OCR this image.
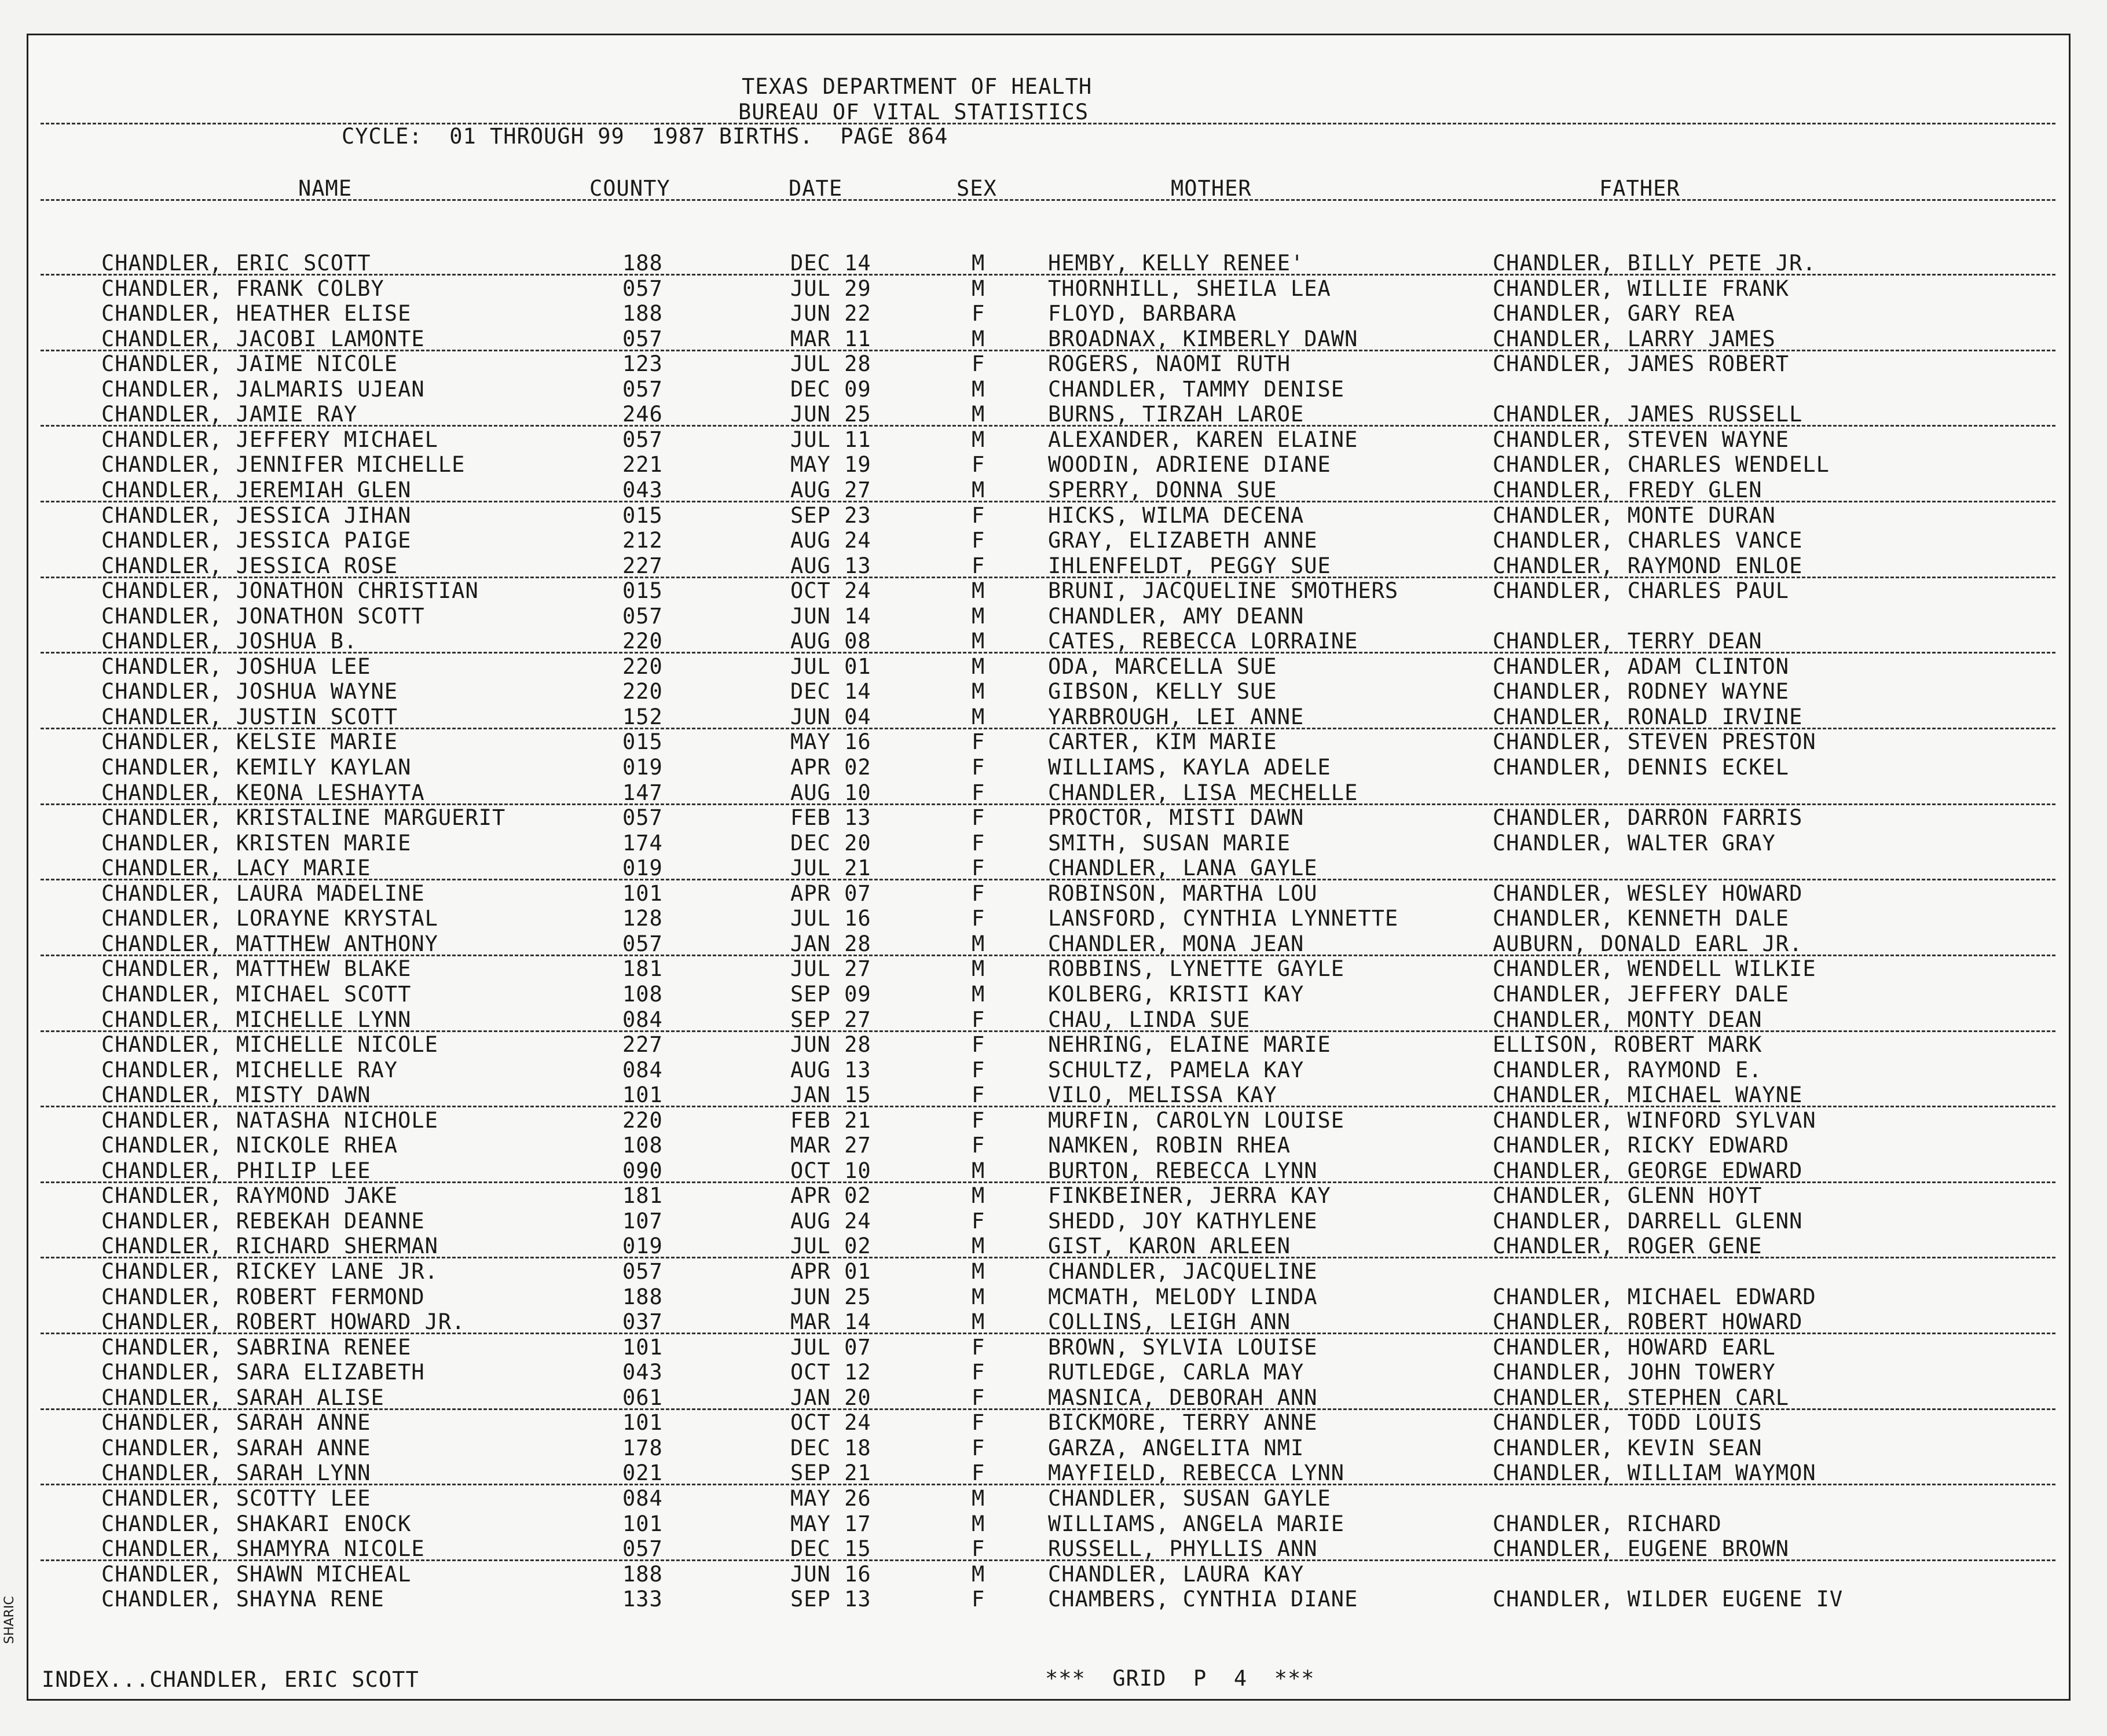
TEXAS DEPARTMENT OF HEALTH
BUREAU OF VITAL STATISTICS
CYCLE:  01 THROUGH 99  1987 BIRTHS.  PAGE 864
NAME	COUNTY	DATE	SEX	MOTHER	FATHER
CHANDLER, ERIC SCOTT	188	DEC 14	M	HEMBY, KELLY RENEE'	CHANDLER, BILLY PETE JR.
CHANDLER, FRANK COLBY	057	JUL 29	M	THORNHILL, SHEILA LEA	CHANDLER, WILLIE FRANK
CHANDLER, HEATHER ELISE	188	JUN 22	F	FLOYD, BARBARA	CHANDLER, GARY REA
CHANDLER, JACOBI LAMONTE	057	MAR 11	M	BROADNAX, KIMBERLY DAWN	CHANDLER, LARRY JAMES
CHANDLER, JAIME NICOLE	123	JUL 28	F	ROGERS, NAOMI RUTH	CHANDLER, JAMES ROBERT
CHANDLER, JALMARIS UJEAN	057	DEC 09	M	CHANDLER, TAMMY DENISE
CHANDLER, JAMIE RAY	246	JUN 25	M	BURNS, TIRZAH LAROE	CHANDLER, JAMES RUSSELL
CHANDLER, JEFFERY MICHAEL	057	JUL 11	M	ALEXANDER, KAREN ELAINE	CHANDLER, STEVEN WAYNE
CHANDLER, JENNIFER MICHELLE	221	MAY 19	F	WOODIN, ADRIENE DIANE	CHANDLER, CHARLES WENDELL
CHANDLER, JEREMIAH GLEN	043	AUG 27	M	SPERRY, DONNA SUE	CHANDLER, FREDY GLEN
CHANDLER, JESSICA JIHAN	015	SEP 23	F	HICKS, WILMA DECENA	CHANDLER, MONTE DURAN
CHANDLER, JESSICA PAIGE	212	AUG 24	F	GRAY, ELIZABETH ANNE	CHANDLER, CHARLES VANCE
CHANDLER, JESSICA ROSE	227	AUG 13	F	IHLENFELDT, PEGGY SUE	CHANDLER, RAYMOND ENLOE
CHANDLER, JONATHON CHRISTIAN	015	OCT 24	M	BRUNI, JACQUELINE SMOTHERS	CHANDLER, CHARLES PAUL
CHANDLER, JONATHON SCOTT	057	JUN 14	M	CHANDLER, AMY DEANN
CHANDLER, JOSHUA B.	220	AUG 08	M	CATES, REBECCA LORRAINE	CHANDLER, TERRY DEAN
CHANDLER, JOSHUA LEE	220	JUL 01	M	ODA, MARCELLA SUE	CHANDLER, ADAM CLINTON
CHANDLER, JOSHUA WAYNE	220	DEC 14	M	GIBSON, KELLY SUE	CHANDLER, RODNEY WAYNE
CHANDLER, JUSTIN SCOTT	152	JUN 04	M	YARBROUGH, LEI ANNE	CHANDLER, RONALD IRVINE
CHANDLER, KELSIE MARIE	015	MAY 16	F	CARTER, KIM MARIE	CHANDLER, STEVEN PRESTON
CHANDLER, KEMILY KAYLAN	019	APR 02	F	WILLIAMS, KAYLA ADELE	CHANDLER, DENNIS ECKEL
CHANDLER, KEONA LESHAYTA	147	AUG 10	F	CHANDLER, LISA MECHELLE
CHANDLER, KRISTALINE MARGUERIT	057	FEB 13	F	PROCTOR, MISTI DAWN	CHANDLER, DARRON FARRIS
CHANDLER, KRISTEN MARIE	174	DEC 20	F	SMITH, SUSAN MARIE	CHANDLER, WALTER GRAY
CHANDLER, LACY MARIE	019	JUL 21	F	CHANDLER, LANA GAYLE
CHANDLER, LAURA MADELINE	101	APR 07	F	ROBINSON, MARTHA LOU	CHANDLER, WESLEY HOWARD
CHANDLER, LORAYNE KRYSTAL	128	JUL 16	F	LANSFORD, CYNTHIA LYNNETTE	CHANDLER, KENNETH DALE
CHANDLER, MATTHEW ANTHONY	057	JAN 28	M	CHANDLER, MONA JEAN	AUBURN, DONALD EARL JR.
CHANDLER, MATTHEW BLAKE	181	JUL 27	M	ROBBINS, LYNETTE GAYLE	CHANDLER, WENDELL WILKIE
CHANDLER, MICHAEL SCOTT	108	SEP 09	M	KOLBERG, KRISTI KAY	CHANDLER, JEFFERY DALE
CHANDLER, MICHELLE LYNN	084	SEP 27	F	CHAU, LINDA SUE	CHANDLER, MONTY DEAN
CHANDLER, MICHELLE NICOLE	227	JUN 28	F	NEHRING, ELAINE MARIE	ELLISON, ROBERT MARK
CHANDLER, MICHELLE RAY	084	AUG 13	F	SCHULTZ, PAMELA KAY	CHANDLER, RAYMOND E.
CHANDLER, MISTY DAWN	101	JAN 15	F	VILO, MELISSA KAY	CHANDLER, MICHAEL WAYNE
CHANDLER, NATASHA NICHOLE	220	FEB 21	F	MURFIN, CAROLYN LOUISE	CHANDLER, WINFORD SYLVAN
CHANDLER, NICKOLE RHEA	108	MAR 27	F	NAMKEN, ROBIN RHEA	CHANDLER, RICKY EDWARD
CHANDLER, PHILIP LEE	090	OCT 10	M	BURTON, REBECCA LYNN	CHANDLER, GEORGE EDWARD
CHANDLER, RAYMOND JAKE	181	APR 02	M	FINKBEINER, JERRA KAY	CHANDLER, GLENN HOYT
CHANDLER, REBEKAH DEANNE	107	AUG 24	F	SHEDD, JOY KATHYLENE	CHANDLER, DARRELL GLENN
CHANDLER, RICHARD SHERMAN	019	JUL 02	M	GIST, KARON ARLEEN	CHANDLER, ROGER GENE
CHANDLER, RICKEY LANE JR.	057	APR 01	M	CHANDLER, JACQUELINE
CHANDLER, ROBERT FERMOND	188	JUN 25	M	MCMATH, MELODY LINDA	CHANDLER, MICHAEL EDWARD
CHANDLER, ROBERT HOWARD JR.	037	MAR 14	M	COLLINS, LEIGH ANN	CHANDLER, ROBERT HOWARD
CHANDLER, SABRINA RENEE	101	JUL 07	F	BROWN, SYLVIA LOUISE	CHANDLER, HOWARD EARL
CHANDLER, SARA ELIZABETH	043	OCT 12	F	RUTLEDGE, CARLA MAY	CHANDLER, JOHN TOWERY
CHANDLER, SARAH ALISE	061	JAN 20	F	MASNICA, DEBORAH ANN	CHANDLER, STEPHEN CARL
CHANDLER, SARAH ANNE	101	OCT 24	F	BICKMORE, TERRY ANNE	CHANDLER, TODD LOUIS
CHANDLER, SARAH ANNE	178	DEC 18	F	GARZA, ANGELITA NMI	CHANDLER, KEVIN SEAN
CHANDLER, SARAH LYNN	021	SEP 21	F	MAYFIELD, REBECCA LYNN	CHANDLER, WILLIAM WAYMON
CHANDLER, SCOTTY LEE	084	MAY 26	M	CHANDLER, SUSAN GAYLE
CHANDLER, SHAKARI ENOCK	101	MAY 17	M	WILLIAMS, ANGELA MARIE	CHANDLER, RICHARD
CHANDLER, SHAMYRA NICOLE	057	DEC 15	F	RUSSELL, PHYLLIS ANN	CHANDLER, EUGENE BROWN
CHANDLER, SHAWN MICHEAL	188	JUN 16	M	CHANDLER, LAURA KAY
CHANDLER, SHAYNA RENE	133	SEP 13	F	CHAMBERS, CYNTHIA DIANE	CHANDLER, WILDER EUGENE IV
INDEX...CHANDLER, ERIC SCOTT	***  GRID  P  4  ***
SHARIC
